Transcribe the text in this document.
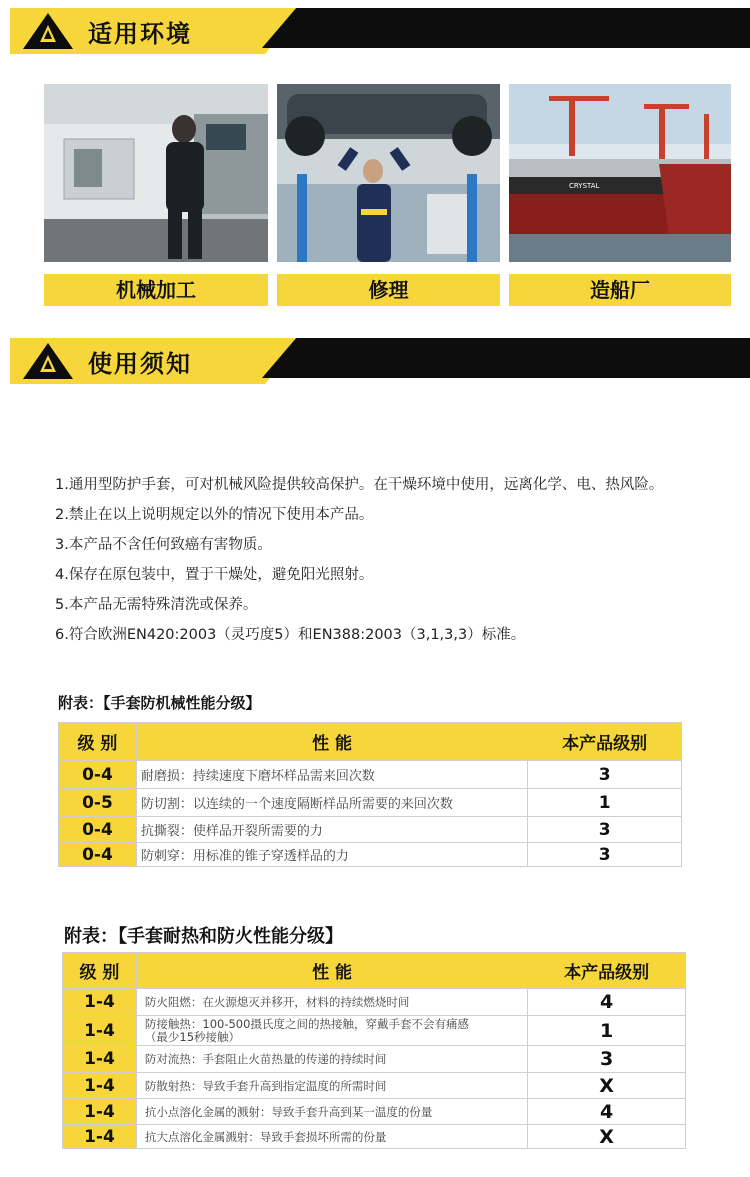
适用环境
CRYSTAL
机械加工	修理	造船厂
使用须知

1.通用型防护手套，可对机械风险提供较高保护。在干燥环境中使用，远离化学、电、热风险。

2.禁止在以上说明规定以外的情况下使用本产品。

3.本产品不含任何致癌有害物质。

4.保存在原包装中，置于干燥处，避免阳光照射。

5.本产品无需特殊清洗或保养。

6.符合欧洲EN420:2003（灵巧度5）和EN388:2003（3,1,3,3）标准。

附表：【手套防机械性能分级】
级 别	性 能	本产品级别
0-4	耐磨损：持续速度下磨坏样品需来回次数	3
0-5	防切割：以连续的一个速度隔断样品所需要的来回次数	1
0-4	抗撕裂：使样品开裂所需要的力	3
0-4	防刺穿：用标准的锥子穿透样品的力	3
附表：【手套耐热和防火性能分级】
级 别	性 能	本产品级别
1-4	防火阻燃：在火源熄灭并移开，材料的持续燃烧时间	4
1-4	防接触热：100-500摄氏度之间的热接触，穿戴手套不会有痛感
（最少15秒接触）	1
1-4	防对流热：手套阻止火苗热量的传递的持续时间	3
1-4	防散射热：导致手套升高到指定温度的所需时间	X
1-4	抗小点溶化金属的溅射：导致手套升高到某一温度的份量	4
1-4	抗大点溶化金属溅射：导致手套损坏所需的份量	X
